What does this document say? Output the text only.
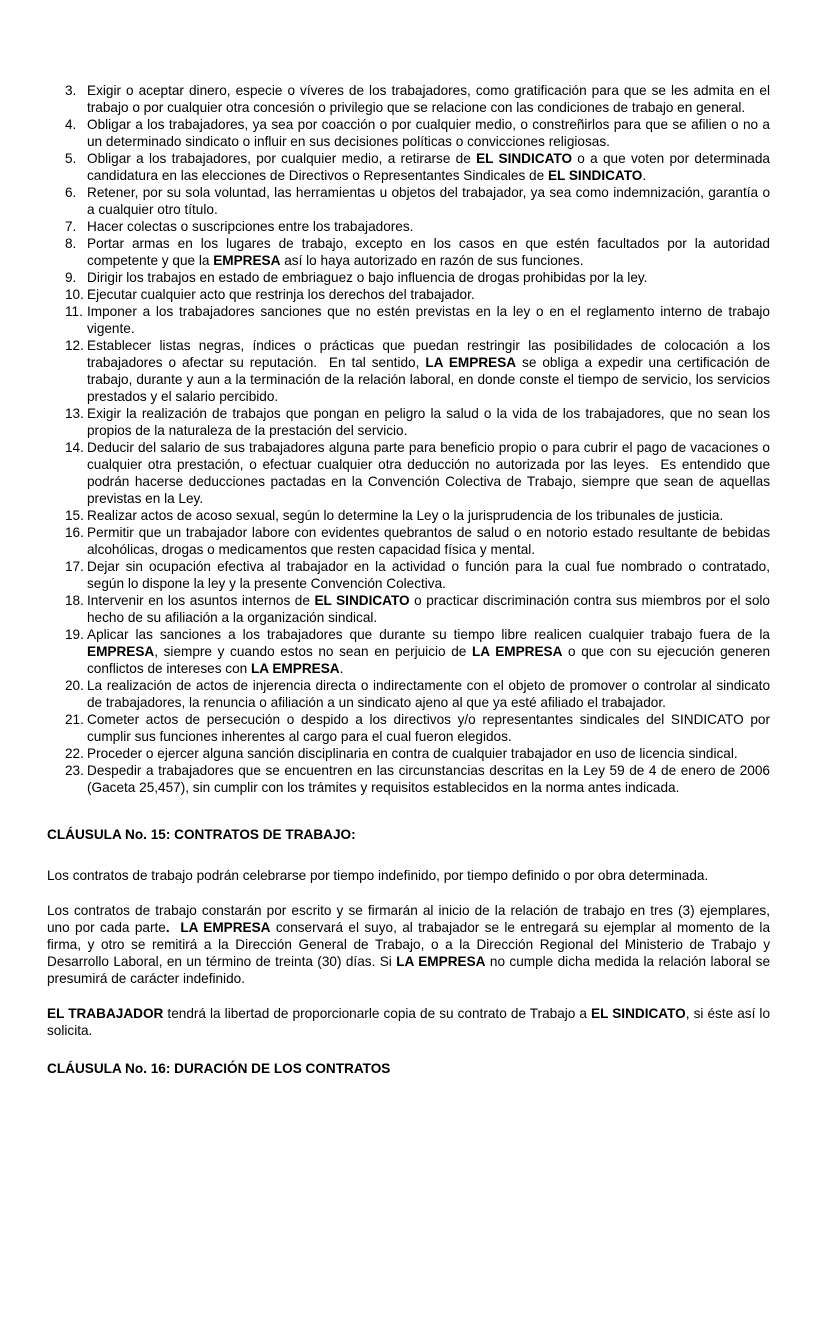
3. Exigir o aceptar dinero, especie o víveres de los trabajadores, como gratificación para que se les admita en el trabajo o por cualquier otra concesión o privilegio que se relacione con las condiciones de trabajo en general.
4. Obligar a los trabajadores, ya sea por coacción o por cualquier medio, o constreñirlos para que se afilien o no a un determinado sindicato o influir en sus decisiones políticas o convicciones religiosas.
5. Obligar a los trabajadores, por cualquier medio, a retirarse de EL SINDICATO o a que voten por determinada candidatura en las elecciones de Directivos o Representantes Sindicales de EL SINDICATO.
6. Retener, por su sola voluntad, las herramientas u objetos del trabajador, ya sea como indemnización, garantía o a cualquier otro título.
7. Hacer colectas o suscripciones entre los trabajadores.
8. Portar armas en los lugares de trabajo, excepto en los casos en que estén facultados por la autoridad competente y que la EMPRESA así lo haya autorizado en razón de sus funciones.
9. Dirigir los trabajos en estado de embriaguez o bajo influencia de drogas prohibidas por la ley.
10. Ejecutar cualquier acto que restrinja los derechos del trabajador.
11. Imponer a los trabajadores sanciones que no estén previstas en la ley o en el reglamento interno de trabajo vigente.
12. Establecer listas negras, índices o prácticas que puedan restringir las posibilidades de colocación a los trabajadores o afectar su reputación.  En tal sentido, LA EMPRESA se obliga a expedir una certificación de trabajo, durante y aun a la terminación de la relación laboral, en donde conste el tiempo de servicio, los servicios prestados y el salario percibido.
13. Exigir la realización de trabajos que pongan en peligro la salud o la vida de los trabajadores, que no sean los propios de la naturaleza de la prestación del servicio.
14. Deducir del salario de sus trabajadores alguna parte para beneficio propio o para cubrir el pago de vacaciones o cualquier otra prestación, o efectuar cualquier otra deducción no autorizada por las leyes.  Es entendido que podrán hacerse deducciones pactadas en la Convención Colectiva de Trabajo, siempre que sean de aquellas previstas en la Ley.
15. Realizar actos de acoso sexual, según lo determine la Ley o la jurisprudencia de los tribunales de justicia.
16. Permitir que un trabajador labore con evidentes quebrantos de salud o en notorio estado resultante de bebidas alcohólicas, drogas o medicamentos que resten capacidad física y mental.
17. Dejar sin ocupación efectiva al trabajador en la actividad o función para la cual fue nombrado o contratado, según lo dispone la ley y la presente Convención Colectiva.
18. Intervenir en los asuntos internos de EL SINDICATO o practicar discriminación contra sus miembros por el solo hecho de su afiliación a la organización sindical.
19. Aplicar las sanciones a los trabajadores que durante su tiempo libre realicen cualquier trabajo fuera de la EMPRESA, siempre y cuando estos no sean en perjuicio de LA EMPRESA o que con su ejecución generen conflictos de intereses con LA EMPRESA.
20. La realización de actos de injerencia directa o indirectamente con el objeto de promover o controlar al sindicato de trabajadores, la renuncia o afiliación a un sindicato ajeno al que ya esté afiliado el trabajador.
21. Cometer actos de persecución o despido a los directivos y/o representantes sindicales del SINDICATO por cumplir sus funciones inherentes al cargo para el cual fueron elegidos.
22. Proceder o ejercer alguna sanción disciplinaria en contra de cualquier trabajador en uso de licencia sindical.
23. Despedir a trabajadores que se encuentren en las circunstancias descritas en la Ley 59 de 4 de enero de 2006 (Gaceta 25,457), sin cumplir con los trámites y requisitos establecidos en la norma antes indicada.
CLÁUSULA No. 15: CONTRATOS DE TRABAJO:

Los contratos de trabajo podrán celebrarse por tiempo indefinido, por tiempo definido o por obra determinada.

Los contratos de trabajo constarán por escrito y se firmarán al inicio de la relación de trabajo en tres (3) ejemplares, uno por cada parte. LA EMPRESA conservará el suyo, al trabajador se le entregará su ejemplar al momento de la firma, y otro se remitirá a la Dirección General de Trabajo, o a la Dirección Regional del Ministerio de Trabajo y Desarrollo Laboral, en un término de treinta (30) días. Si LA EMPRESA no cumple dicha medida la relación laboral se presumirá de carácter indefinido.

EL TRABAJADOR tendrá la libertad de proporcionarle copia de su contrato de Trabajo a EL SINDICATO, si éste así lo solicita.

CLÁUSULA No. 16: DURACIÓN DE LOS CONTRATOS
